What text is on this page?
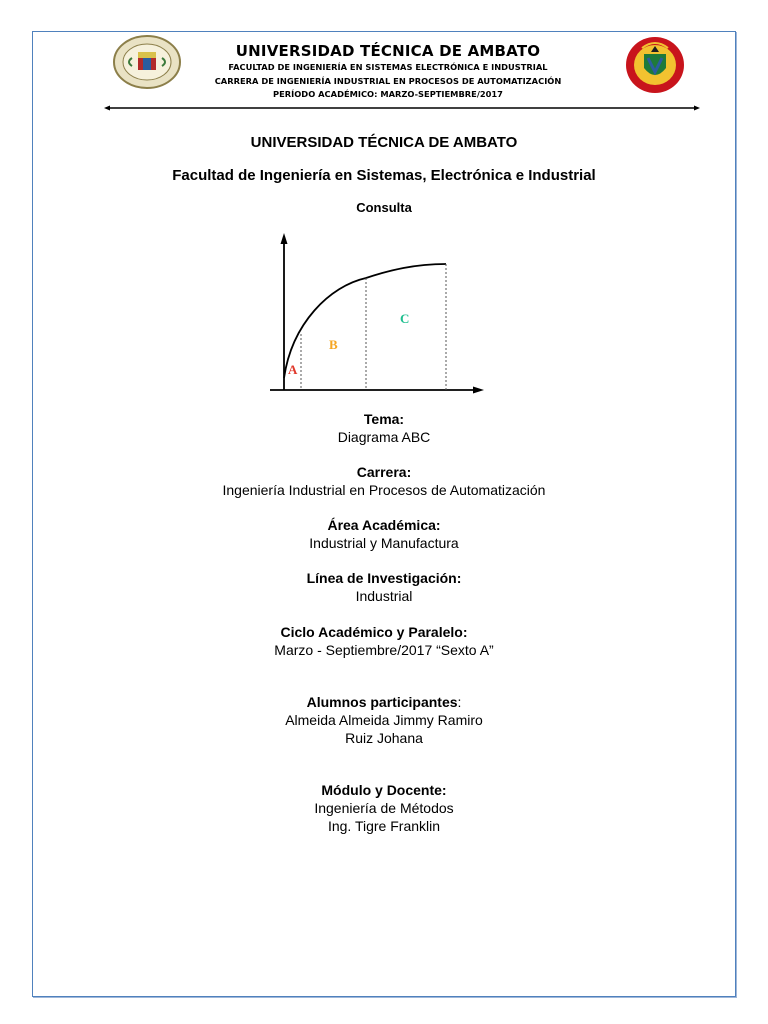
UNIVERSIDAD TÉCNICA DE AMBATO
FACULTAD DE INGENIERÍA EN SISTEMAS ELECTRÓNICA E INDUSTRIAL
CARRERA DE INGENIERÍA INDUSTRIAL EN PROCESOS DE AUTOMATIZACIÓN
PERÍODO ACADÉMICO: MARZO-SEPTIEMBRE/2017
UNIVERSIDAD TÉCNICA DE AMBATO
Facultad de Ingeniería en Sistemas, Electrónica e Industrial
Consulta
A
B
C
Tema:
Diagrama ABC
Carrera:
Ingeniería Industrial en Procesos de Automatización
Área Académica:
Industrial y Manufactura
Línea de Investigación:
Industrial
Ciclo Académico y Paralelo:
Marzo - Septiembre/2017 “Sexto A”
Alumnos participantes:
Almeida Almeida Jimmy Ramiro
Ruiz Johana
Módulo y Docente:
Ingeniería de Métodos
Ing. Tigre Franklin
